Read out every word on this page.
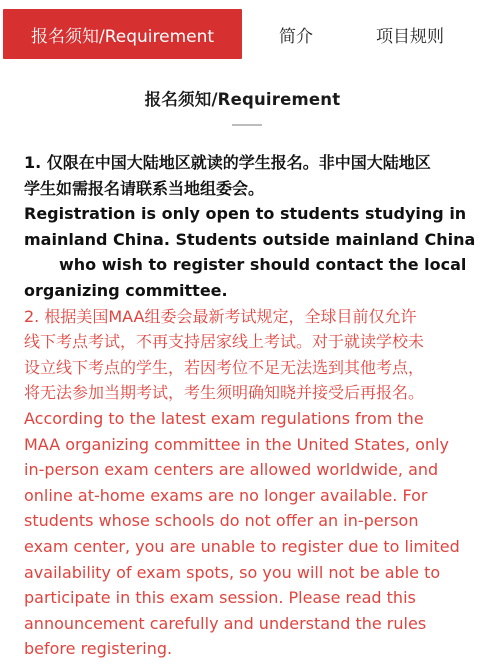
报名须知/Requirement	简介	项目规则
报名须知/Requirement
1. 仅限在中国大陆地区就读的学生报名。非中国大陆地区
学生如需报名请联系当地组委会。
Registration is only open to students studying in
mainland China. Students outside mainland China
who wish to register should contact the local
organizing committee.
2. 根据美国MAA组委会最新考试规定，全球目前仅允许
线下考点考试，不再支持居家线上考试。对于就读学校未
设立线下考点的学生，若因考位不足无法选到其他考点，
将无法参加当期考试，考生须明确知晓并接受后再报名。
According to the latest exam regulations from the
MAA organizing committee in the United States, only
in-person exam centers are allowed worldwide, and
online at-home exams are no longer available. For
students whose schools do not offer an in-person
exam center, you are unable to register due to limited
availability of exam spots, so you will not be able to
participate in this exam session. Please read this
announcement carefully and understand the rules
before registering.
